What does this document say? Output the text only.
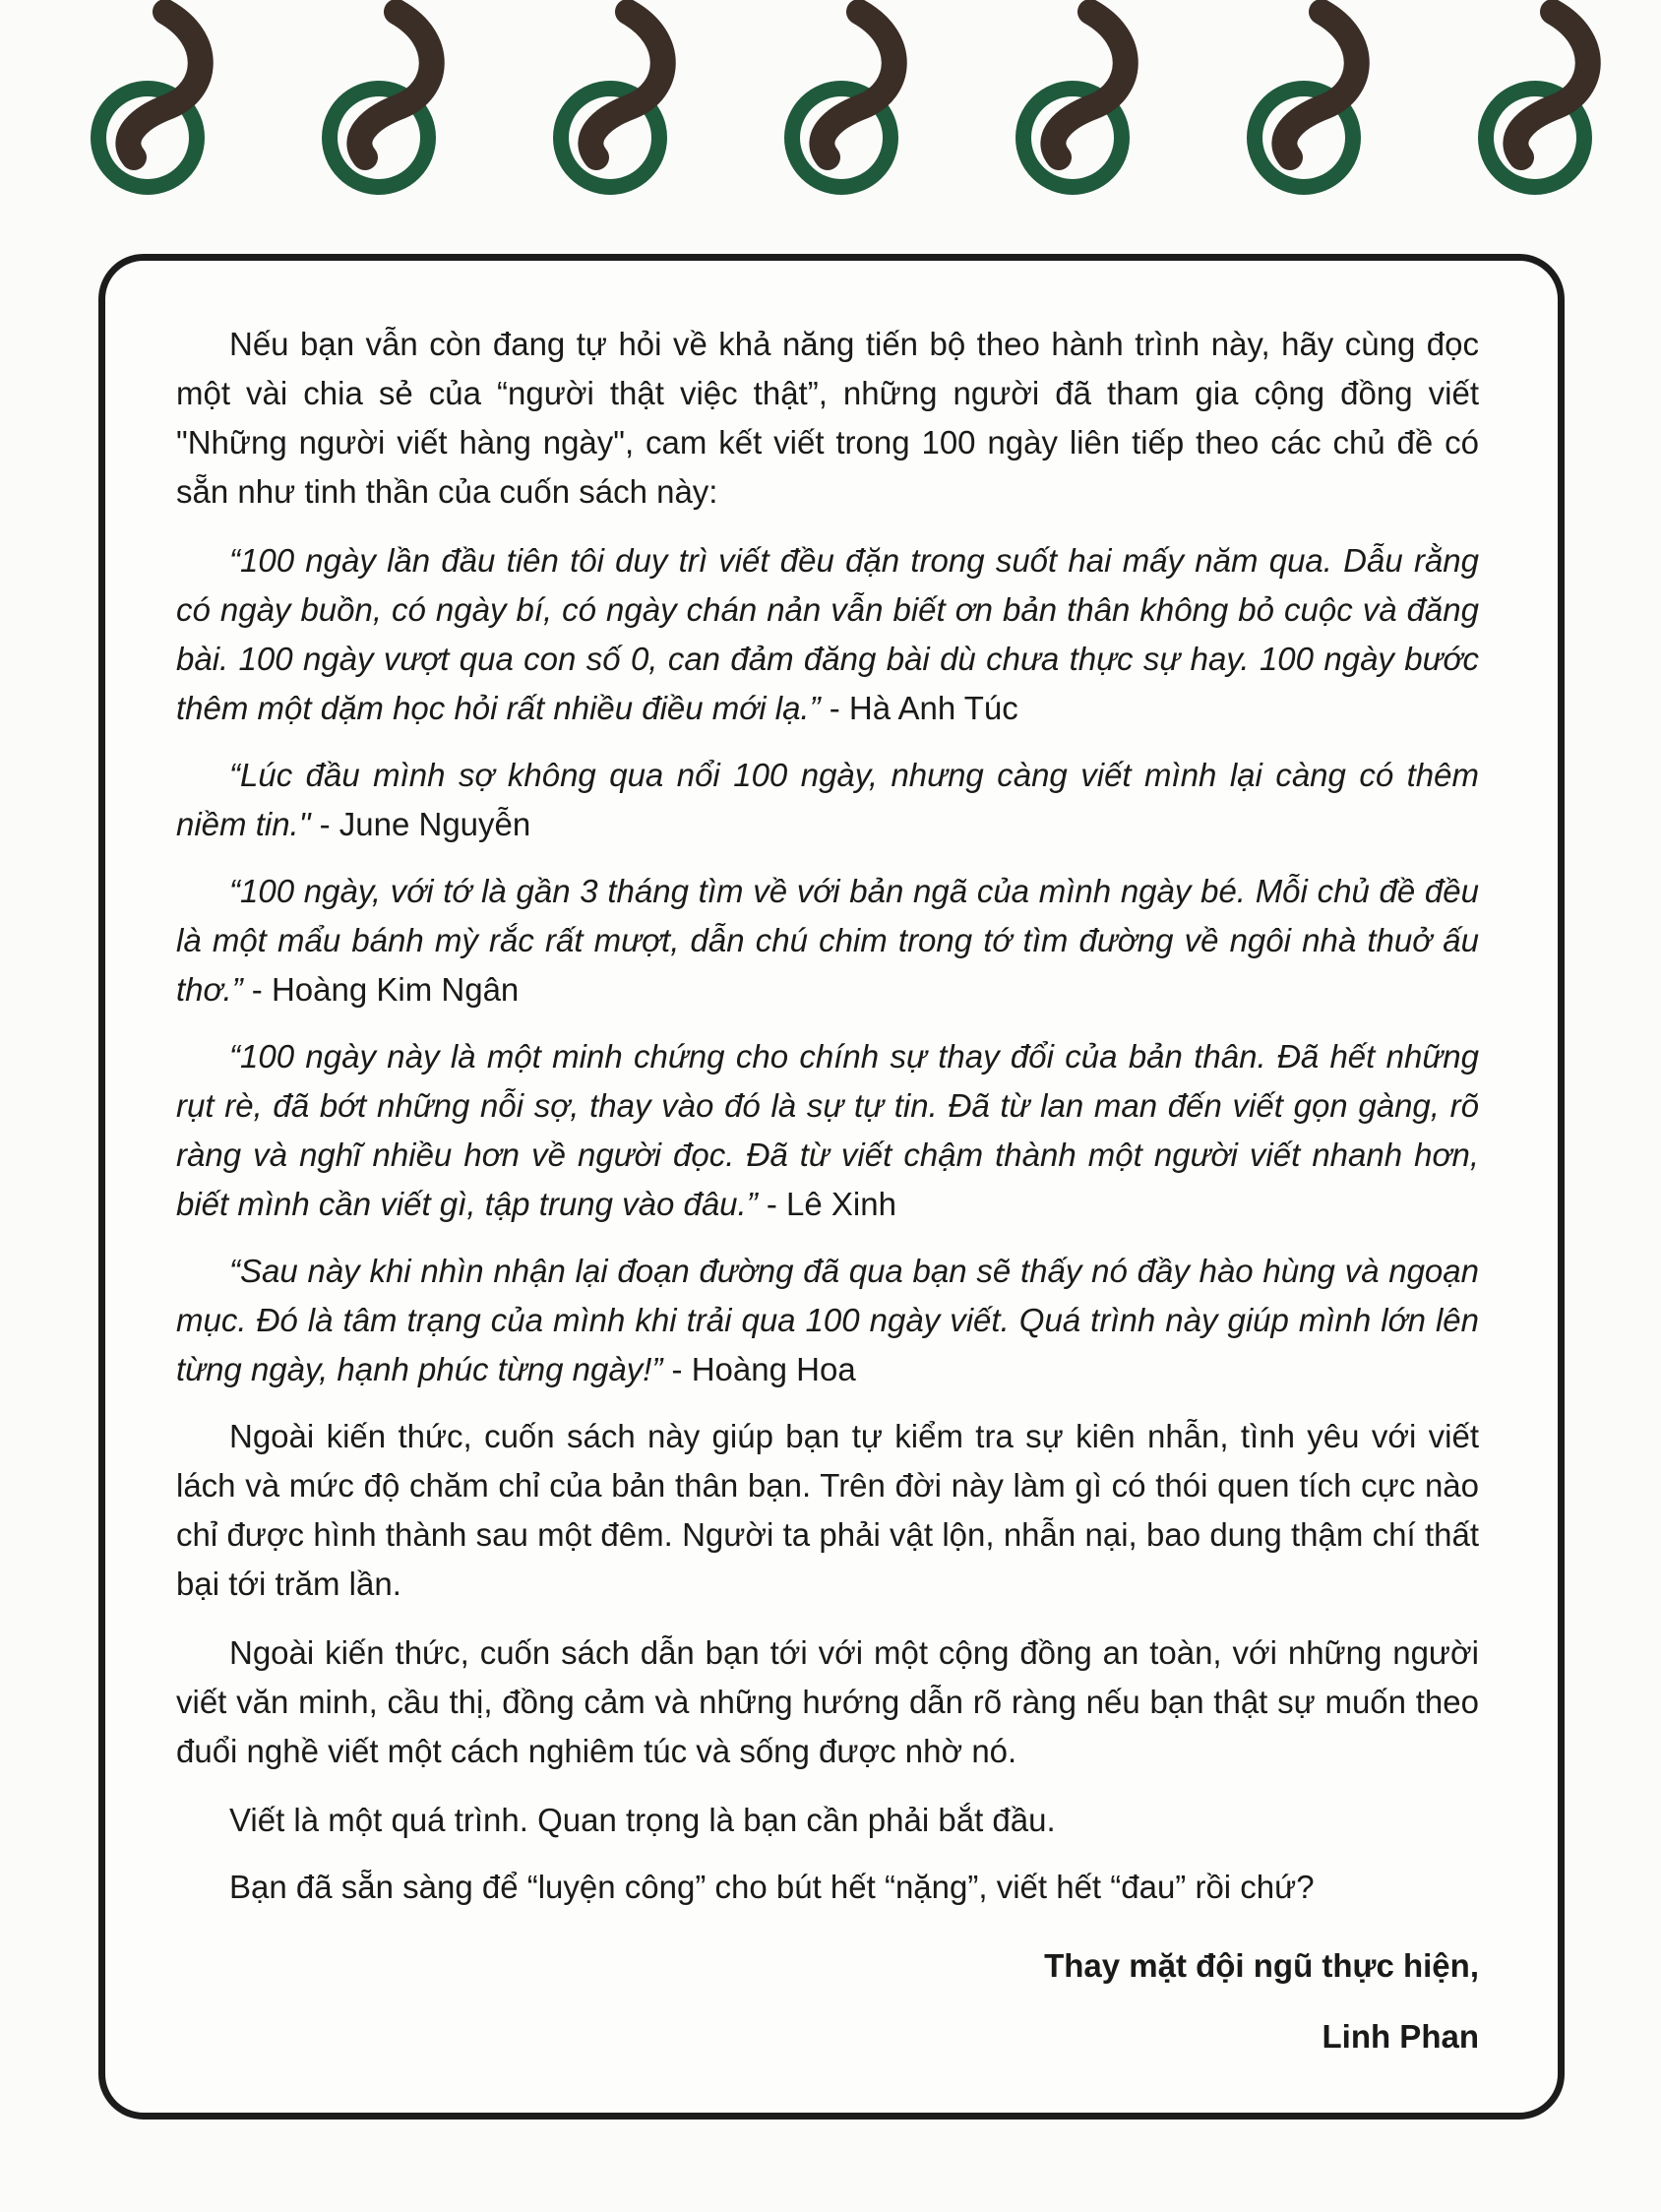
Nếu bạn vẫn còn đang tự hỏi về khả năng tiến bộ theo hành trình này, hãy cùng đọc một vài chia sẻ của “người thật việc thật”, những người đã tham gia cộng đồng viết "Những người viết hàng ngày", cam kết viết trong 100 ngày liên tiếp theo các chủ đề có sẵn như tinh thần của cuốn sách này:

“100 ngày lần đầu tiên tôi duy trì viết đều đặn trong suốt hai mấy năm qua. Dẫu rằng có ngày buồn, có ngày bí, có ngày chán nản vẫn biết ơn bản thân không bỏ cuộc và đăng bài. 100 ngày vượt qua con số 0, can đảm đăng bài dù chưa thực sự hay. 100 ngày bước thêm một dặm học hỏi rất nhiều điều mới lạ.” - Hà Anh Túc

“Lúc đầu mình sợ không qua nổi 100 ngày, nhưng càng viết mình lại càng có thêm niềm tin." - June Nguyễn

“100 ngày, với tớ là gần 3 tháng tìm về với bản ngã của mình ngày bé. Mỗi chủ đề đều là một mẩu bánh mỳ rắc rất mượt, dẫn chú chim trong tớ tìm đường về ngôi nhà thuở ấu thơ.” - Hoàng Kim Ngân

“100 ngày này là một minh chứng cho chính sự thay đổi của bản thân. Đã hết những rụt rè, đã bớt những nỗi sợ, thay vào đó là sự tự tin. Đã từ lan man đến viết gọn gàng, rõ ràng và nghĩ nhiều hơn về người đọc. Đã từ viết chậm thành một người viết nhanh hơn, biết mình cần viết gì, tập trung vào đâu.” - Lê Xinh

“Sau này khi nhìn nhận lại đoạn đường đã qua bạn sẽ thấy nó đầy hào hùng và ngoạn mục. Đó là tâm trạng của mình khi trải qua 100 ngày viết. Quá trình này giúp mình lớn lên từng ngày, hạnh phúc từng ngày!” - Hoàng Hoa

Ngoài kiến thức, cuốn sách này giúp bạn tự kiểm tra sự kiên nhẫn, tình yêu với viết lách và mức độ chăm chỉ của bản thân bạn. Trên đời này làm gì có thói quen tích cực nào chỉ được hình thành sau một đêm. Người ta phải vật lộn, nhẫn nại, bao dung thậm chí thất bại tới trăm lần.

Ngoài kiến thức, cuốn sách dẫn bạn tới với một cộng đồng an toàn, với những người viết văn minh, cầu thị, đồng cảm và những hướng dẫn rõ ràng nếu bạn thật sự muốn theo đuổi nghề viết một cách nghiêm túc và sống được nhờ nó.

Viết là một quá trình. Quan trọng là bạn cần phải bắt đầu.

Bạn đã sẵn sàng để “luyện công” cho bút hết “nặng”, viết hết “đau” rồi chứ?

Thay mặt đội ngũ thực hiện,
Linh Phan
